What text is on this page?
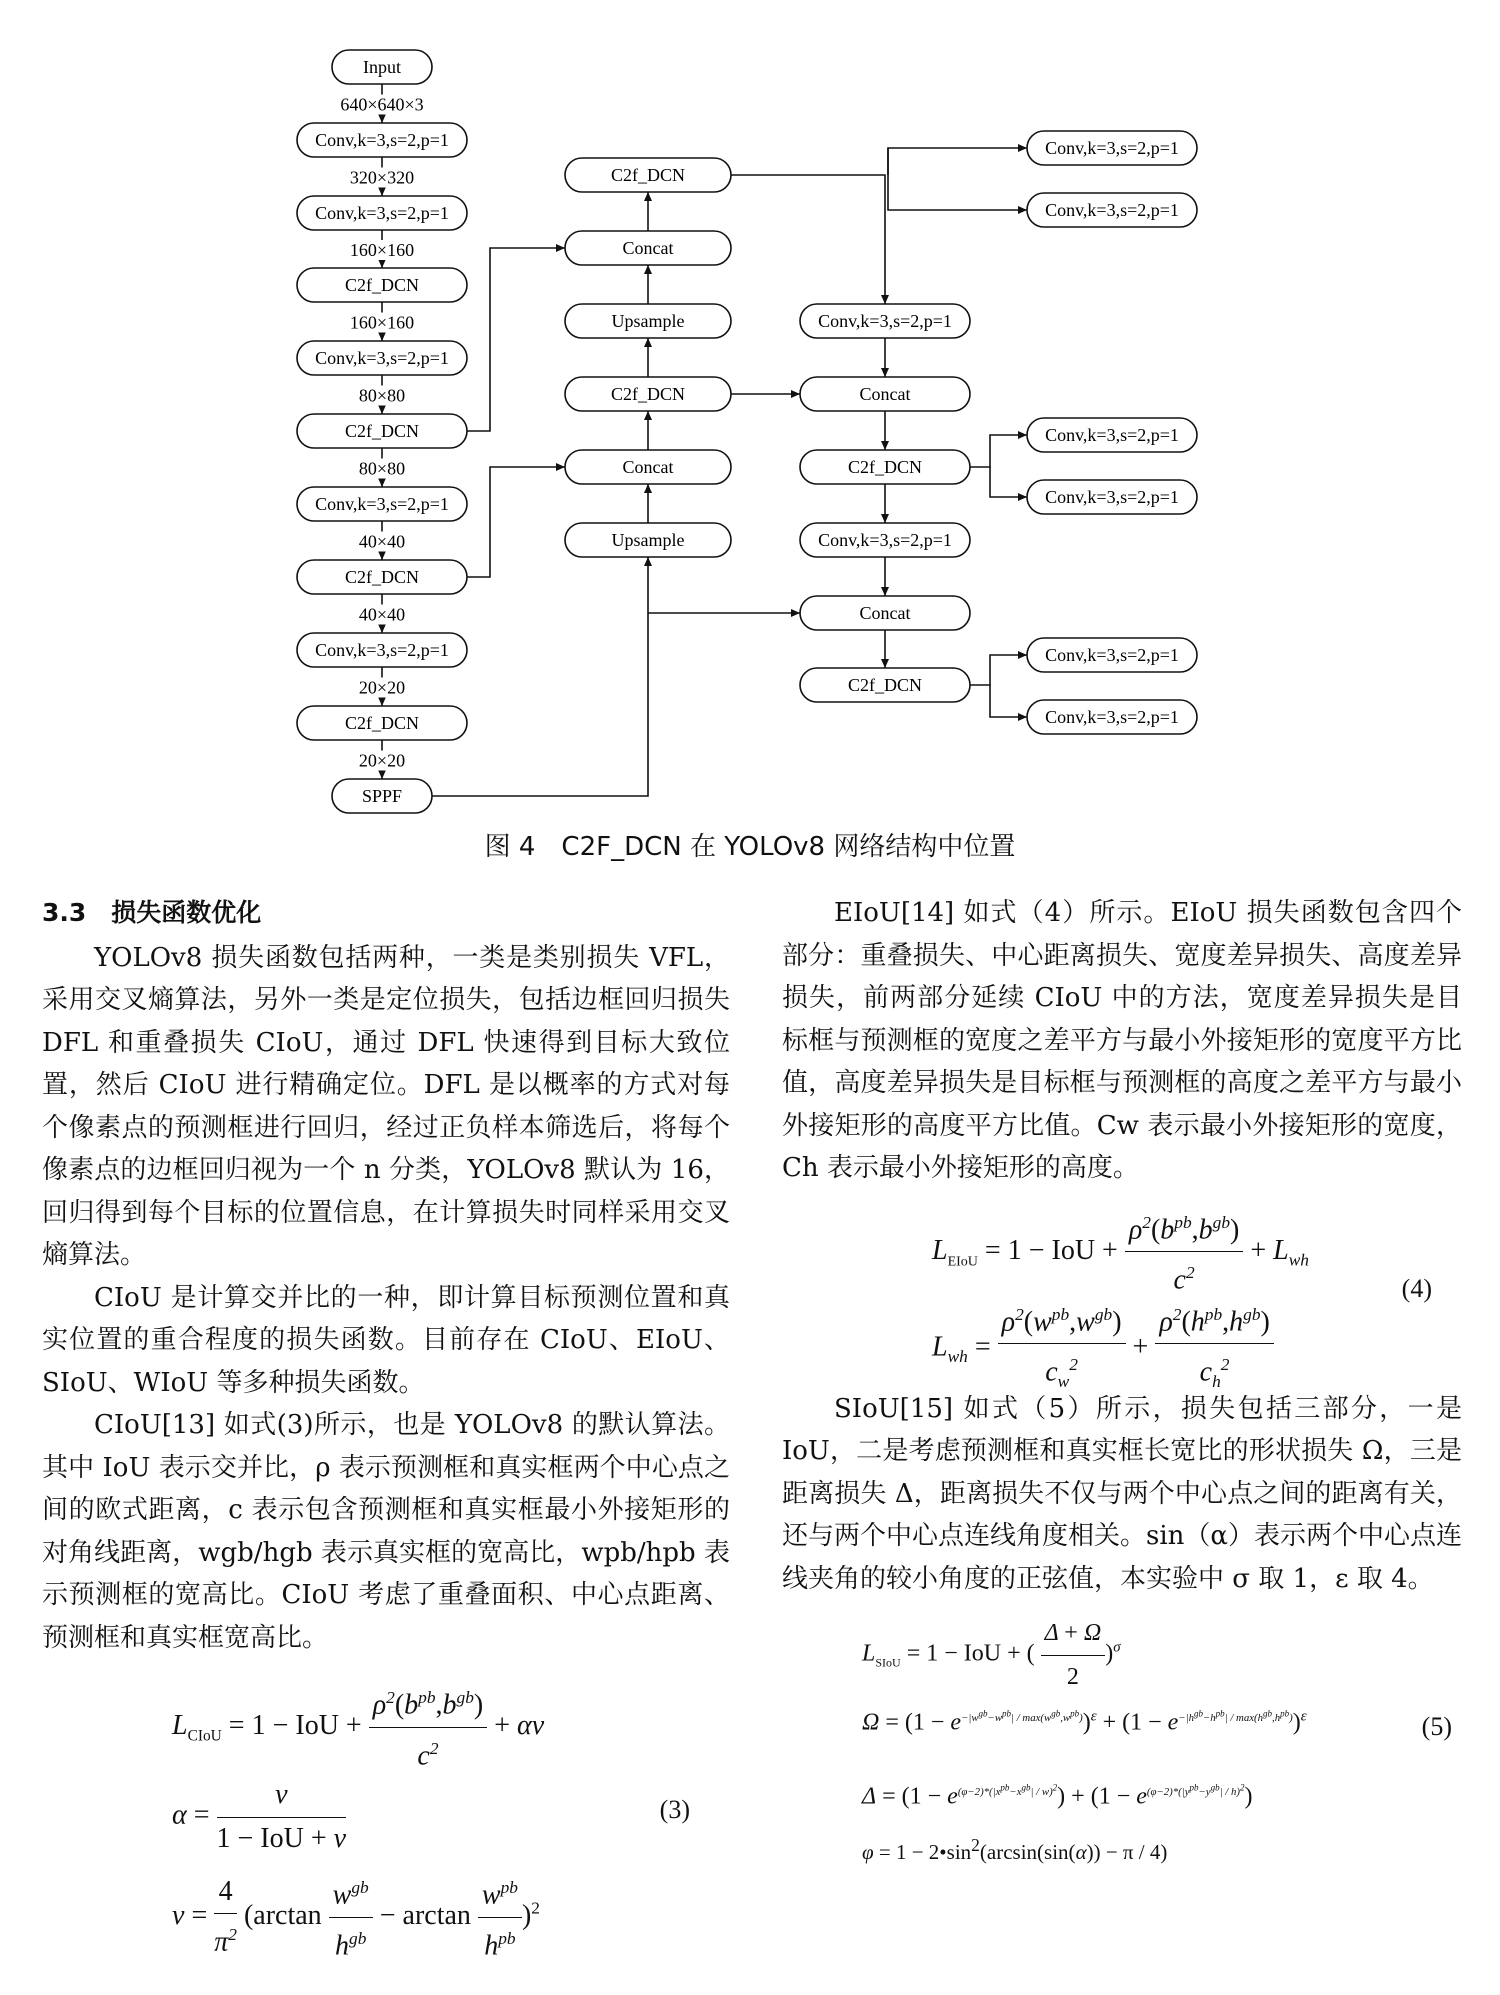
Input
Conv,k=3,s=2,p=1
Conv,k=3,s=2,p=1
C2f_DCN
Conv,k=3,s=2,p=1
C2f_DCN
Conv,k=3,s=2,p=1
C2f_DCN
Conv,k=3,s=2,p=1
C2f_DCN
SPPF
C2f_DCN
Concat
Upsample
C2f_DCN
Concat
Upsample
Conv,k=3,s=2,p=1
Concat
C2f_DCN
Conv,k=3,s=2,p=1
Concat
C2f_DCN
Conv,k=3,s=2,p=1
Conv,k=3,s=2,p=1
Conv,k=3,s=2,p=1
Conv,k=3,s=2,p=1
Conv,k=3,s=2,p=1
Conv,k=3,s=2,p=1
640×640×3
320×320
160×160
160×160
80×80
80×80
40×40
40×40
20×20
20×20
图 4　C2F_DCN 在 YOLOv8 网络结构中位置
3.3　损失函数优化

YOLOv8 损失函数包括两种，一类是类别损失 VFL，采用交叉熵算法，另外一类是定位损失，包括边框回归损失 DFL 和重叠损失 CIoU，通过 DFL 快速得到目标大致位置，然后 CIoU 进行精确定位。DFL 是以概率的方式对每个像素点的预测框进行回归，经过正负样本筛选后，将每个像素点的边框回归视为一个 n 分类，YOLOv8 默认为 16，回归得到每个目标的位置信息，在计算损失时同样采用交叉熵算法。

CIoU 是计算交并比的一种，即计算目标预测位置和真实位置的重合程度的损失函数。目前存在 CIoU、EIoU、SIoU、WIoU 等多种损失函数。

CIoU[13] 如式(3)所示，也是 YOLOv8 的默认算法。其中 IoU 表示交并比，ρ 表示预测框和真实框两个中心点之间的欧式距离，c 表示包含预测框和真实框最小外接矩形的对角线距离，wgb/hgb 表示真实框的宽高比，wpb/hpb 表示预测框的宽高比。CIoU 考虑了重叠面积、中心点距离、预测框和真实框宽高比。

$L_{CIoU} = 1$ − IoU +
$\rho^2(b^{pb},b^{gb})$
$c^2$
+ αv
α =
v
1 − IoU + v
$v = \frac{4}{\pi^2} (\arctan$
$w^{gb}$
$h^{gb}$
− arctan
$w^{pb}$
$h^{pb}$
)$^2$
(3)

EIoU[14] 如式（4）所示。EIoU 损失函数包含四个部分：重叠损失、中心距离损失、宽度差异损失、高度差异损失，前两部分延续 CIoU 中的方法，宽度差异损失是目标框与预测框的宽度之差平方与最小外接矩形的宽度平方比值，高度差异损失是目标框与预测框的高度之差平方与最小外接矩形的高度平方比值。Cw 表示最小外接矩形的宽度，Ch 表示最小外接矩形的高度。

$L_{EIoU} = 1$ − IoU +
$\rho^2(b^{pb},b^{gb})$
$c^2$
+ $L_{wh}$
$L_{wh}$ =
$\rho^2(w^{pb},w^{gb})$
$c_w^2$
+
$\rho^2(h^{pb},h^{gb})$
$c_h^2$
(4)

SIoU[15] 如式（5）所示，损失包括三部分，一是 IoU，二是考虑预测框和真实框长宽比的形状损失 Ω，三是距离损失 Δ，距离损失不仅与两个中心点之间的距离有关，还与两个中心点连线角度相关。sin（α）表示两个中心点连线夹角的较小角度的正弦值，本实验中 σ 取 1，ε 取 4。

$L_{SIoU} = 1$ − IoU + ( $\frac{\Delta + \Omega}{2} )^\sigma$
$\Omega = (1 - e^{-|w^{gb}-w^{pb}| / max(w^{gb},w^{pb})})^\varepsilon + (1 - e^{-|h^{gb}-h^{pb}| / max(h^{gb},h^{pb})})^\varepsilon$
$\Delta = (1 - e^{(\varphi-2)*(|x^{pb}-x^{gb}| / w)^2}) + (1 - e^{(\varphi-2)*(|y^{pb}-y^{gb}| / h)^2})$
$\varphi = 1 - 2•\sin^2(\arcsin(\sin(\alpha)) - \pi / 4)$
(5)
